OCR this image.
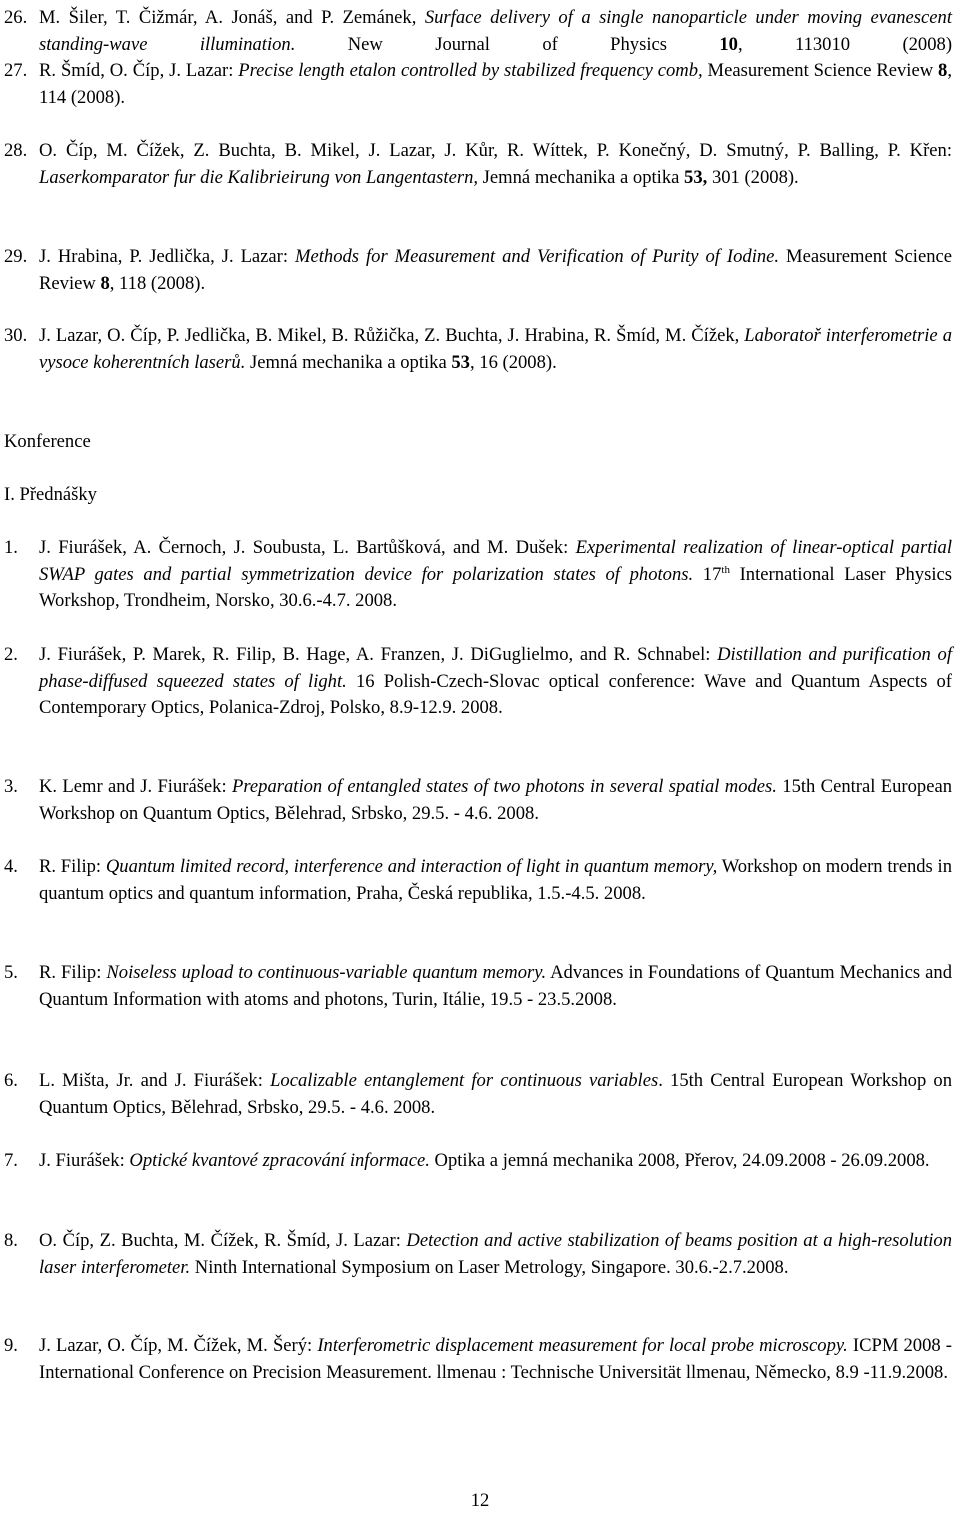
26. M. Šiler, T. Čižmár, A. Jonáš, and P. Zemánek, Surface delivery of a single nanoparticle under moving evanescent standing-wave illumination. New Journal of Physics 10, 113010 (2008)
27. R. Šmíd, O. Číp, J. Lazar: Precise length etalon controlled by stabilized frequency comb, Measurement Science Review 8, 114 (2008).
28. O. Číp, M. Čížek, Z. Buchta, B. Mikel, J. Lazar, J. Kůr, R. Wíttek, P. Konečný, D. Smutný, P. Balling, P. Křen: Laserkomparator fur die Kalibrieirung von Langentastern, Jemná mechanika a optika 53, 301 (2008).
29. J. Hrabina, P. Jedlička, J. Lazar: Methods for Measurement and Verification of Purity of Iodine. Measurement Science Review 8, 118 (2008).
30. J. Lazar, O. Číp, P. Jedlička, B. Mikel, B. Růžička, Z. Buchta, J. Hrabina, R. Šmíd, M. Čížek, Laboratoř interferometrie a vysoce koherentních laserů. Jemná mechanika a optika 53, 16 (2008).
Konference
I. Přednášky
1. J. Fiurášek, A. Černoch, J. Soubusta, L. Bartůšková, and M. Dušek: Experimental realization of linear-optical partial SWAP gates and partial symmetrization device for polarization states of photons. 17th International Laser Physics Workshop, Trondheim, Norsko, 30.6.-4.7. 2008.
2. J. Fiurášek, P. Marek, R. Filip, B. Hage, A. Franzen, J. DiGuglielmo, and R. Schnabel: Distillation and purification of phase-diffused squeezed states of light. 16 Polish-Czech-Slovac optical conference: Wave and Quantum Aspects of Contemporary Optics, Polanica-Zdroj, Polsko, 8.9-12.9. 2008.
3. K. Lemr and J. Fiurášek: Preparation of entangled states of two photons in several spatial modes. 15th Central European Workshop on Quantum Optics, Bělehrad, Srbsko, 29.5. - 4.6. 2008.
4. R. Filip: Quantum limited record, interference and interaction of light in quantum memory, Workshop on modern trends in quantum optics and quantum information, Praha, Česká republika, 1.5.-4.5. 2008.
5. R. Filip: Noiseless upload to continuous-variable quantum memory. Advances in Foundations of Quantum Mechanics and Quantum Information with atoms and photons, Turin, Itálie, 19.5 - 23.5.2008.
6. L. Mišta, Jr. and J. Fiurášek: Localizable entanglement for continuous variables. 15th Central European Workshop on Quantum Optics, Bělehrad, Srbsko, 29.5. - 4.6. 2008.
7. J. Fiurášek: Optické kvantové zpracování informace. Optika a jemná mechanika 2008, Přerov, 24.09.2008 - 26.09.2008.
8. O. Číp, Z. Buchta, M. Čížek, R. Šmíd, J. Lazar: Detection and active stabilization of beams position at a high-resolution laser interferometer. Ninth International Symposium on Laser Metrology, Singapore. 30.6.-2.7.2008.
9. J. Lazar, O. Číp, M. Čížek, M. Šerý: Interferometric displacement measurement for local probe microscopy. ICPM 2008 - International Conference on Precision Measurement. llmenau : Technische Universität llmenau, Německo, 8.9 -11.9.2008.
12
